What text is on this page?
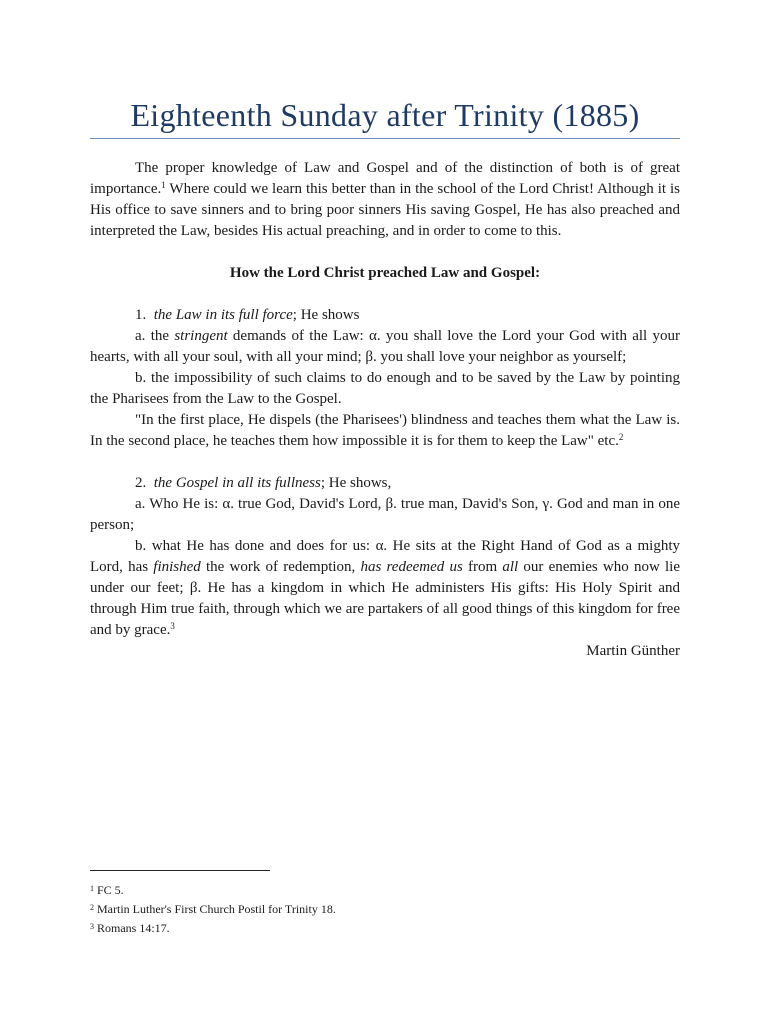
Eighteenth Sunday after Trinity (1885)

The proper knowledge of Law and Gospel and of the distinction of both is of great importance.$^1$ Where could we learn this better than in the school of the Lord Christ! Although it is His office to save sinners and to bring poor sinners His saving Gospel, He has also preached and interpreted the Law, besides His actual preaching, and in order to come to this.

How the Lord Christ preached Law and Gospel:

1. the Law in its full force; He shows

a. the stringent demands of the Law: α. you shall love the Lord your God with all your hearts, with all your soul, with all your mind; β. you shall love your neighbor as yourself;

b. the impossibility of such claims to do enough and to be saved by the Law by pointing the Pharisees from the Law to the Gospel.

"In the first place, He dispels (the Pharisees') blindness and teaches them what the Law is. In the second place, he teaches them how impossible it is for them to keep the Law" etc.$^2$

2. the Gospel in all its fullness; He shows,

a. Who He is: α. true God, David's Lord, β. true man, David's Son, γ. God and man in one person;

b. what He has done and does for us: α. He sits at the Right Hand of God as a mighty Lord, has finished the work of redemption, has redeemed us from all our enemies who now lie under our feet; β. He has a kingdom in which He administers His gifts: His Holy Spirit and through Him true faith, through which we are partakers of all good things of this kingdom for free and by grace.$^3$

Martin Günther

$^1$ FC 5.
$^2$ Martin Luther's First Church Postil for Trinity 18.
$^3$ Romans 14:17.
